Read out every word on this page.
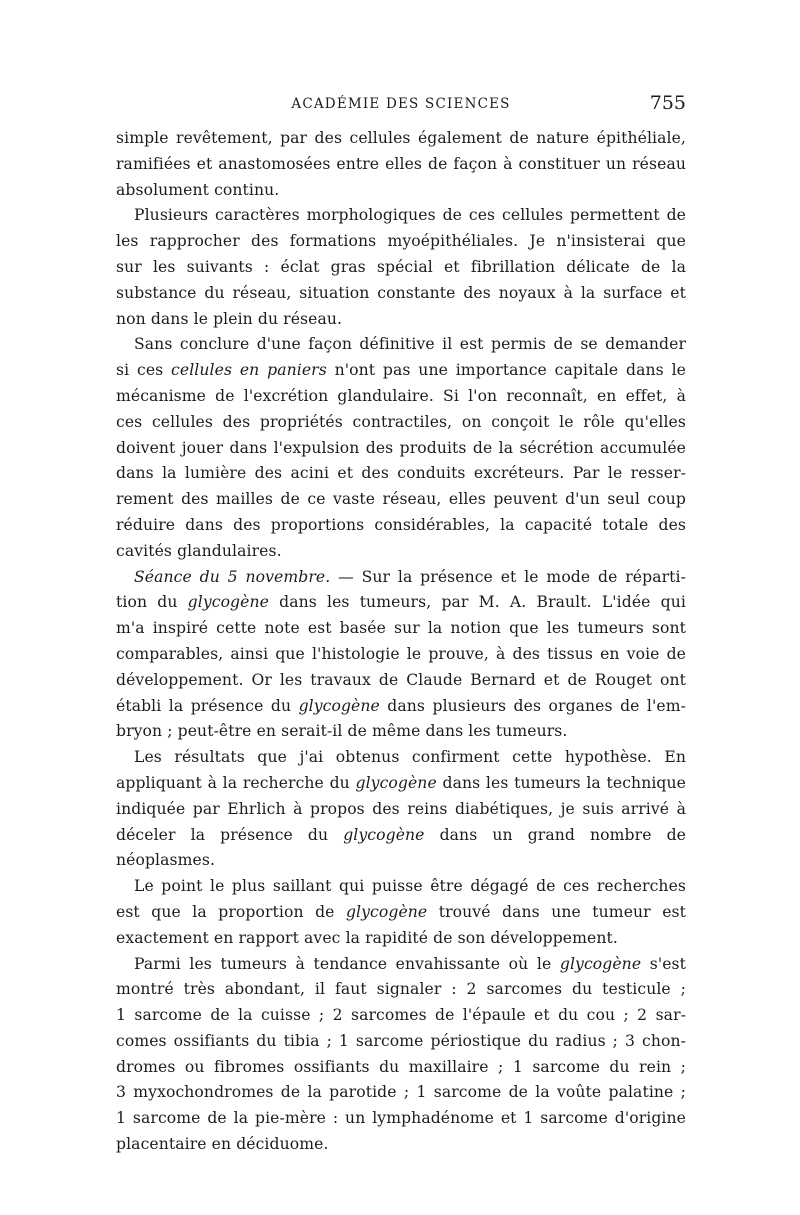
ACADÉMIE DES SCIENCES	755

simple revêtement, par des cellules également de nature épithéliale,
ramifiées et anastomosées entre elles de façon à constituer un réseau
absolument continu.

Plusieurs caractères morphologiques de ces cellules permettent de
les rapprocher des formations myoépithéliales. Je n'insisterai que
sur les suivants : éclat gras spécial et fibrillation délicate de la
substance du réseau, situation constante des noyaux à la surface et
non dans le plein du réseau.

Sans conclure d'une façon définitive il est permis de se demander
si ces cellules en paniers n'ont pas une importance capitale dans le
mécanisme de l'excrétion glandulaire. Si l'on reconnaît, en effet, à
ces cellules des propriétés contractiles, on conçoit le rôle qu'elles
doivent jouer dans l'expulsion des produits de la sécrétion accumulée
dans la lumière des acini et des conduits excréteurs. Par le resser-
rement des mailles de ce vaste réseau, elles peuvent d'un seul coup
réduire dans des proportions considérables, la capacité totale des
cavités glandulaires.

Séance du 5 novembre. — Sur la présence et le mode de réparti-
tion du glycogène dans les tumeurs, par M. A. Brault. L'idée qui
m'a inspiré cette note est basée sur la notion que les tumeurs sont
comparables, ainsi que l'histologie le prouve, à des tissus en voie de
développement. Or les travaux de Claude Bernard et de Rouget ont
établi la présence du glycogène dans plusieurs des organes de l'em-
bryon ; peut-être en serait-il de même dans les tumeurs.

Les résultats que j'ai obtenus confirment cette hypothèse. En
appliquant à la recherche du glycogène dans les tumeurs la technique
indiquée par Ehrlich à propos des reins diabétiques, je suis arrivé à
déceler la présence du glycogène dans un grand nombre de
néoplasmes.

Le point le plus saillant qui puisse être dégagé de ces recherches
est que la proportion de glycogène trouvé dans une tumeur est
exactement en rapport avec la rapidité de son développement.

Parmi les tumeurs à tendance envahissante où le glycogène s'est
montré très abondant, il faut signaler : 2 sarcomes du testicule ;
1 sarcome de la cuisse ; 2 sarcomes de l'épaule et du cou ; 2 sar-
comes ossifiants du tibia ; 1 sarcome périostique du radius ; 3 chon-
dromes ou fibromes ossifiants du maxillaire ; 1 sarcome du rein ;
3 myxochondromes de la parotide ; 1 sarcome de la voûte palatine ;
1 sarcome de la pie-mère : un lymphadénome et 1 sarcome d'origine
placentaire en déciduome.
